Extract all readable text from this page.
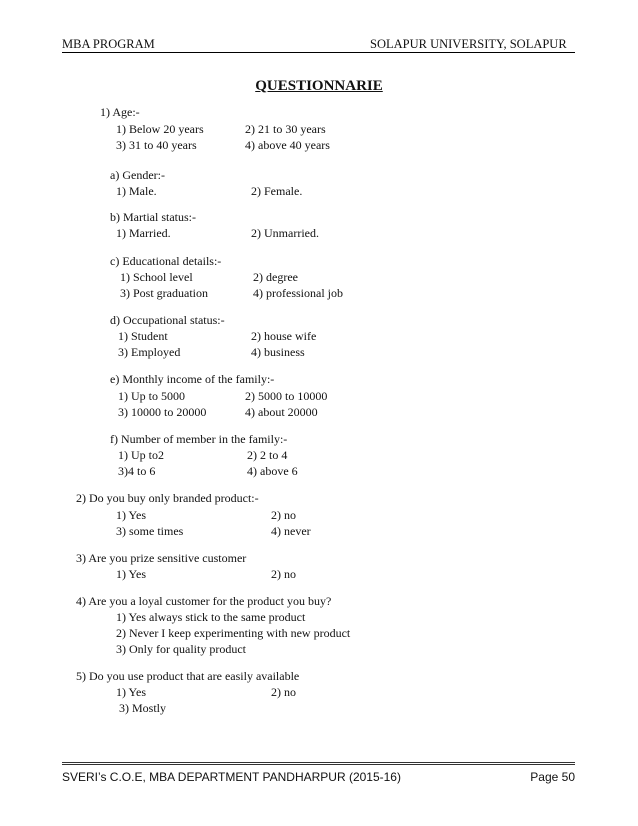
MBA PROGRAM	SOLAPUR UNIVERSITY, SOLAPUR
QUESTIONNARIE
1) Age:-
1) Below 20 years	2) 21 to 30 years
3) 31 to 40 years	4) above 40 years
a) Gender:-
1) Male.	2) Female.
b) Martial status:-
1) Married.	2) Unmarried.
c) Educational details:-
1) School level	2) degree
3) Post graduation	4) professional job
d) Occupational status:-
1) Student	2) house wife
3) Employed	4) business
e) Monthly income of the family:-
1) Up to 5000	2) 5000 to 10000
3) 10000 to 20000	4) about 20000
f) Number of member in the family:-
1) Up to2	2) 2 to 4
3)4 to 6	4) above 6
2) Do you buy only branded product:-
1) Yes	2) no
3) some times	4) never
3) Are you prize sensitive customer
1) Yes	2) no
4) Are you a loyal customer for the product you buy?
1) Yes always stick to the same product
2) Never I keep experimenting with new product
3) Only for quality product
5) Do you use product that are easily available
1) Yes	2) no
3) Mostly
SVERI’s C.O.E, MBA DEPARTMENT PANDHARPUR (2015-16)	Page 50
